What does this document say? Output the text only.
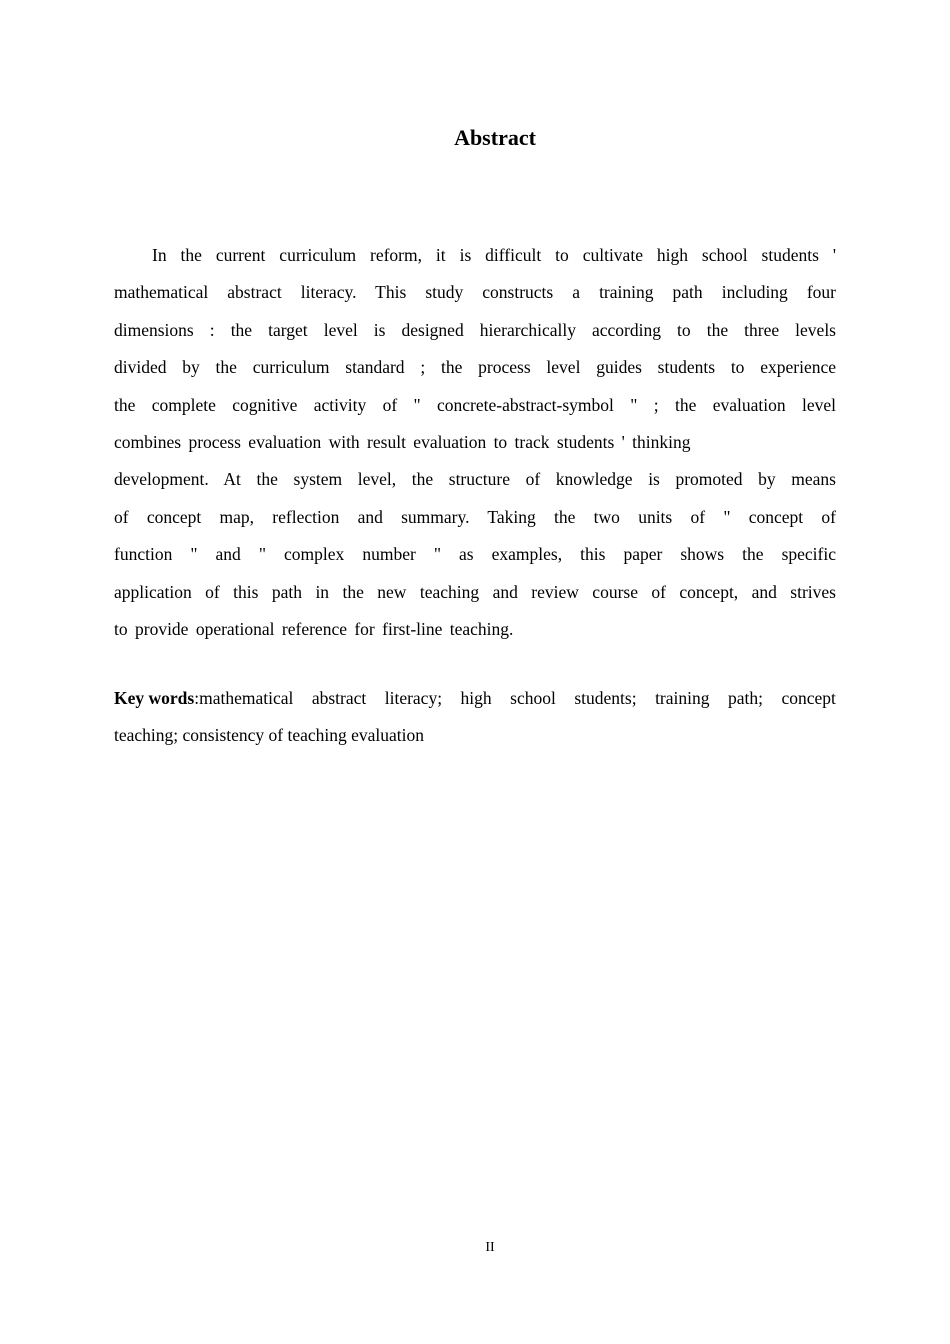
Abstract
In the current curriculum reform, it is difficult to cultivate high school students '
mathematical abstract literacy. This study constructs a training path including four
dimensions : the target level is designed hierarchically according to the three levels
divided by the curriculum standard ; the process level guides students to experience
the complete cognitive activity of " concrete-abstract-symbol " ; the evaluation level
combines process evaluation with result evaluation to track students ' thinking
development. At the system level, the structure of knowledge is promoted by means
of concept map, reflection and summary. Taking the two units of " concept of
function " and " complex number " as examples, this paper shows the specific
application of this path in the new teaching and review course of concept, and strives
to provide operational reference for first-line teaching.
Key words:mathematical abstract literacy; high school students; training path; concept
teaching; consistency of teaching evaluation
II
